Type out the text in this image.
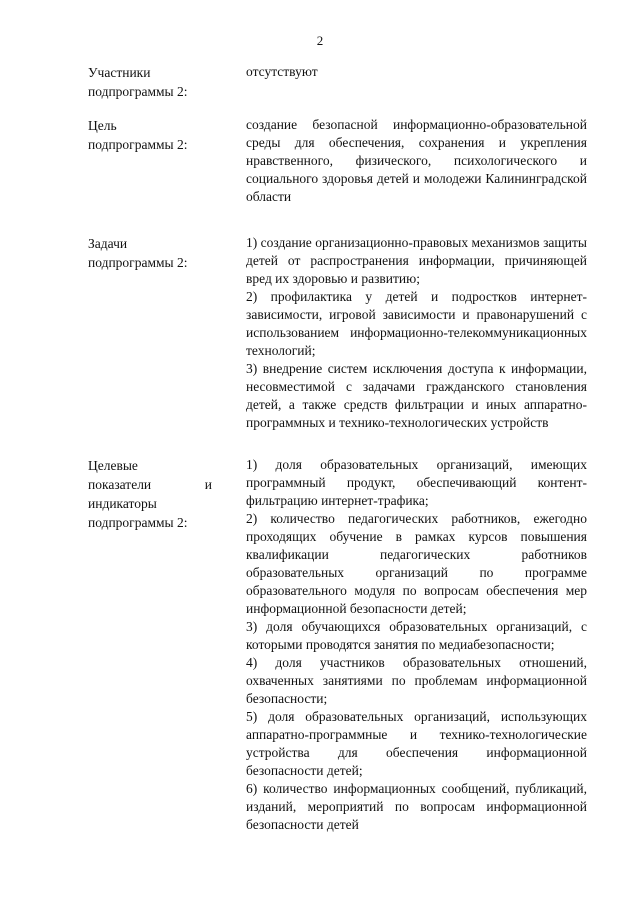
2
Участники
подпрограммы 2:

отсутствуют

Цель
подпрограммы 2:

создание безопасной информационно-образовательной среды для обеспечения, сохранения и укрепления нравственного, физического, психологического и социального здоровья детей и молодежи Калининградской области

Задачи
подпрограммы 2:

1) создание организационно-правовых механизмов защиты детей от распространения информации, причиняющей вред их здоровью и развитию;

2) профилактика у детей и подростков интернет-зависимости, игровой зависимости и правонарушений с использованием информационно-телекоммуникационных технологий;

3) внедрение систем исключения доступа к информации, несовместимой с задачами гражданского становления детей, а также средств фильтрации и иных аппаратно-программных и технико-технологических устройств

Целевые
показатели	и
индикаторы
подпрограммы 2:

1) доля образовательных организаций, имеющих программный продукт, обеспечивающий контент-фильтрацию интернет-трафика;

2) количество педагогических работников, ежегодно проходящих обучение в рамках курсов повышения квалификации педагогических работников образовательных организаций по программе образовательного модуля по вопросам обеспечения мер информационной безопасности детей;

3) доля обучающихся образовательных организаций, с которыми проводятся занятия по медиабезопасности;

4) доля участников образовательных отношений, охваченных занятиями по проблемам информационной безопасности;

5) доля образовательных организаций, использующих аппаратно-программные и технико-технологические устройства для обеспечения информационной безопасности детей;

6) количество информационных сообщений, публикаций, изданий, мероприятий по вопросам информационной безопасности детей
